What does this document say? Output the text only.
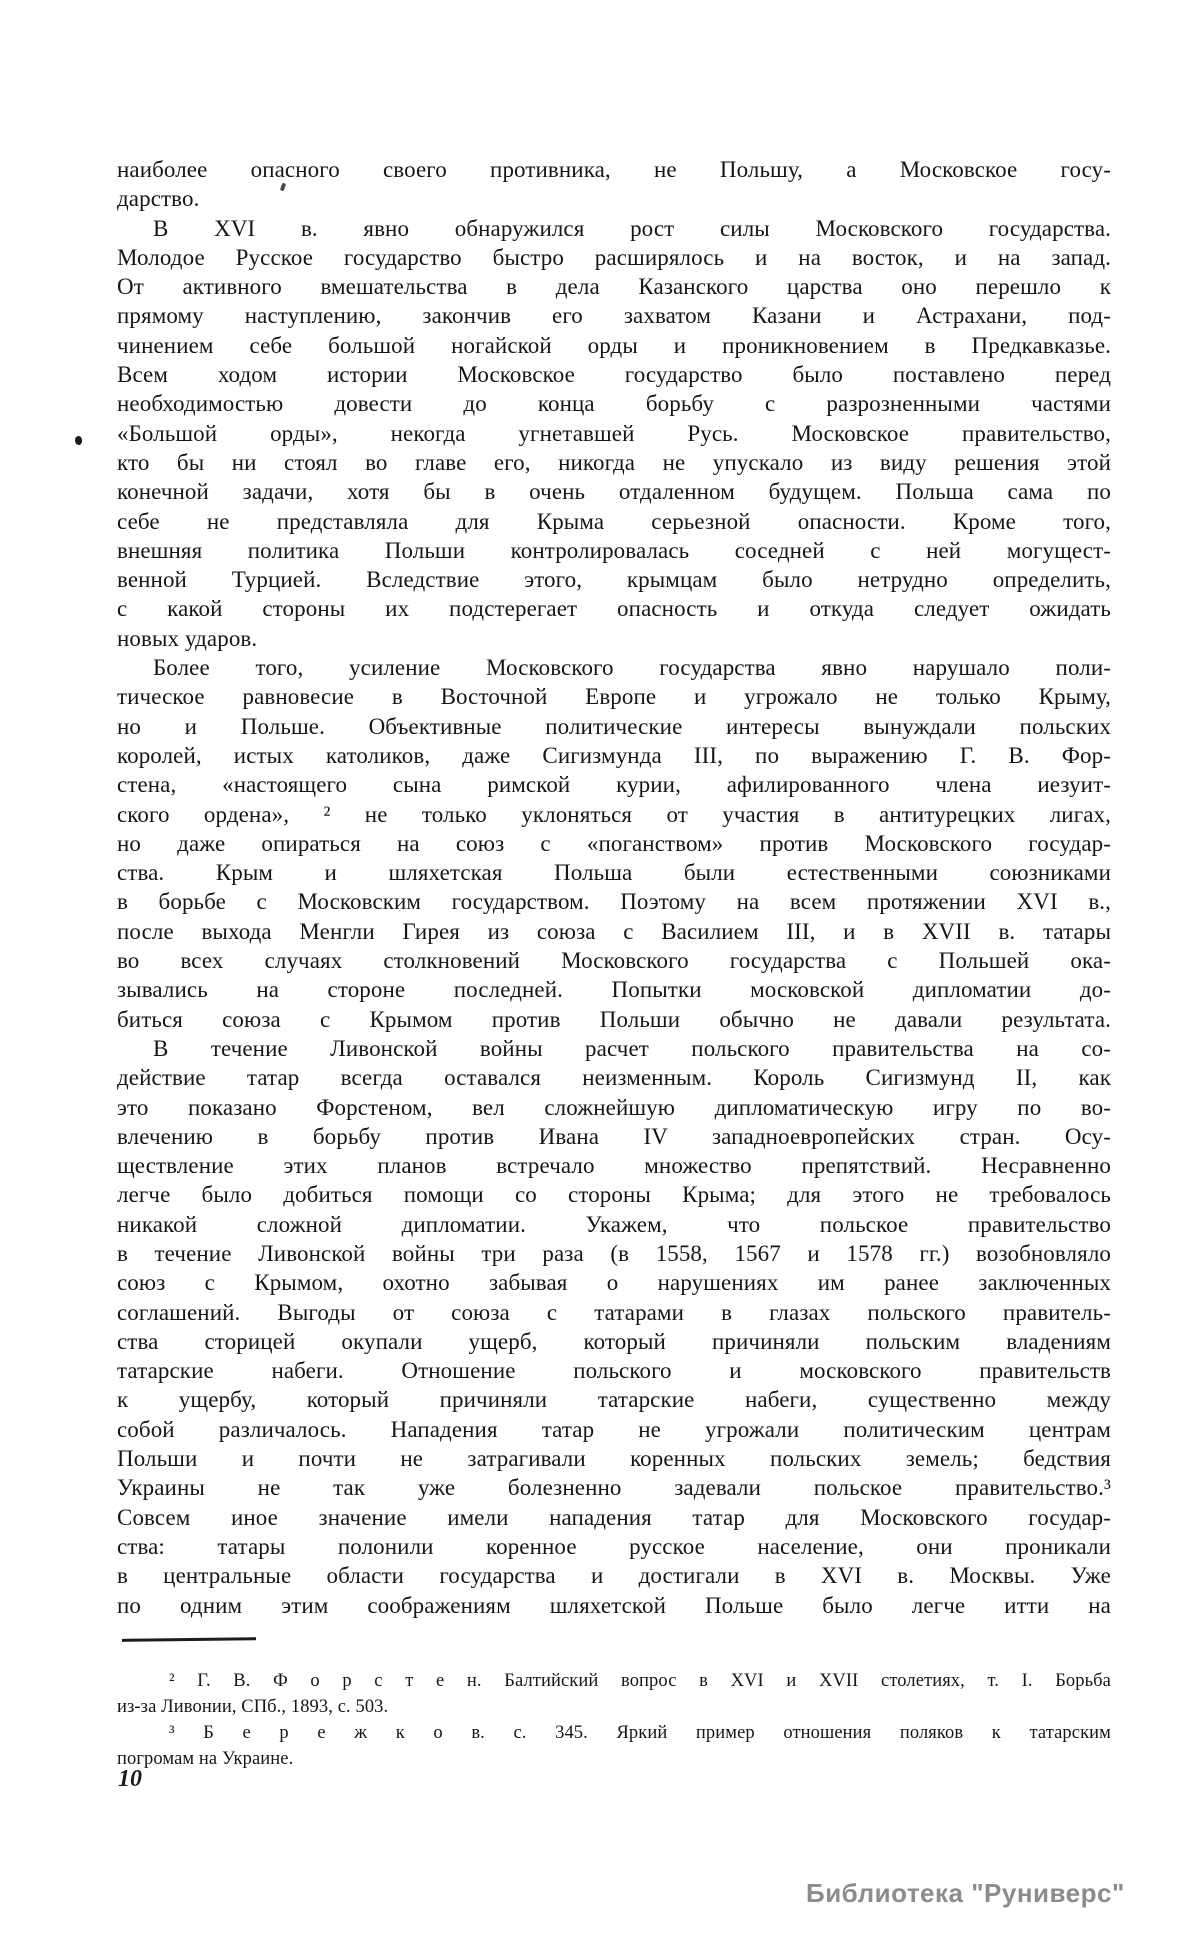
наиболее опасного своего противника, не Польшу, а Московское госу-
дарство.
В XVI в. явно обнаружился рост силы Московского государства.
Молодое Русское государство быстро расширялось и на восток, и на запад.
От активного вмешательства в дела Казанского царства оно перешло к
прямому наступлению, закончив его захватом Казани и Астрахани, под-
чинением себе большой ногайской орды и проникновением в Предкавказье.
Всем ходом истории Московское государство было поставлено перед
необходимостью довести до конца борьбу с разрозненными частями
«Большой орды», некогда угнетавшей Русь. Московское правительство,
кто бы ни стоял во главе его, никогда не упускало из виду решения этой
конечной задачи, хотя бы в очень отдаленном будущем. Польша сама по
себе не представляла для Крыма серьезной опасности. Кроме того,
внешняя политика Польши контролировалась соседней с ней могущест-
венной Турцией. Вследствие этого, крымцам было нетрудно определить,
с какой стороны их подстерегает опасность и откуда следует ожидать
новых ударов.
Более того, усиление Московского государства явно нарушало поли-
тическое равновесие в Восточной Европе и угрожало не только Крыму,
но и Польше. Объективные политические интересы вынуждали польских
королей, истых католиков, даже Сигизмунда III, по выражению Г. В. Фор-
стена, «настоящего сына римской курии, афилированного члена иезуит-
ского ордена», ² не только уклоняться от участия в антитурецких лигах,
но даже опираться на союз с «поганством» против Московского государ-
ства. Крым и шляхетская Польша были естественными союзниками
в борьбе с Московским государством. Поэтому на всем протяжении XVI в.,
после выхода Менгли Гирея из союза с Василием III, и в XVII в. татары
во всех случаях столкновений Московского государства с Польшей ока-
зывались на стороне последней. Попытки московской дипломатии до-
биться союза с Крымом против Польши обычно не давали результата.
В течение Ливонской войны расчет польского правительства на со-
действие татар всегда оставался неизменным. Король Сигизмунд II, как
это показано Форстеном, вел сложнейшую дипломатическую игру по во-
влечению в борьбу против Ивана IV западноевропейских стран. Осу-
ществление этих планов встречало множество препятствий. Несравненно
легче было добиться помощи со стороны Крыма; для этого не требовалось
никакой сложной дипломатии. Укажем, что польское правительство
в течение Ливонской войны три раза (в 1558, 1567 и 1578 гг.) возобновляло
союз с Крымом, охотно забывая о нарушениях им ранее заключенных
соглашений. Выгоды от союза с татарами в глазах польского правитель-
ства сторицей окупали ущерб, который причиняли польским владениям
татарские набеги. Отношение польского и московского правительств
к ущербу, который причиняли татарские набеги, существенно между
собой различалось. Нападения татар не угрожали политическим центрам
Польши и почти не затрагивали коренных польских земель; бедствия
Украины не так уже болезненно задевали польское правительство.³
Совсем иное значение имели нападения татар для Московского государ-
ства: татары полонили коренное русское население, они проникали
в центральные области государства и достигали в XVI в. Москвы. Уже
по одним этим соображениям шляхетской Польше было легче итти на
² Г. В. Ф о р с т е н. Балтийский вопрос в XVI и XVII столетиях, т. I. Борьба
из-за Ливонии, СПб., 1893, с. 503.
³ Б е р е ж к о в. с. 345. Яркий пример отношения поляков к татарским
погромам на Украине.
10
Библиотека "Руниверс"
